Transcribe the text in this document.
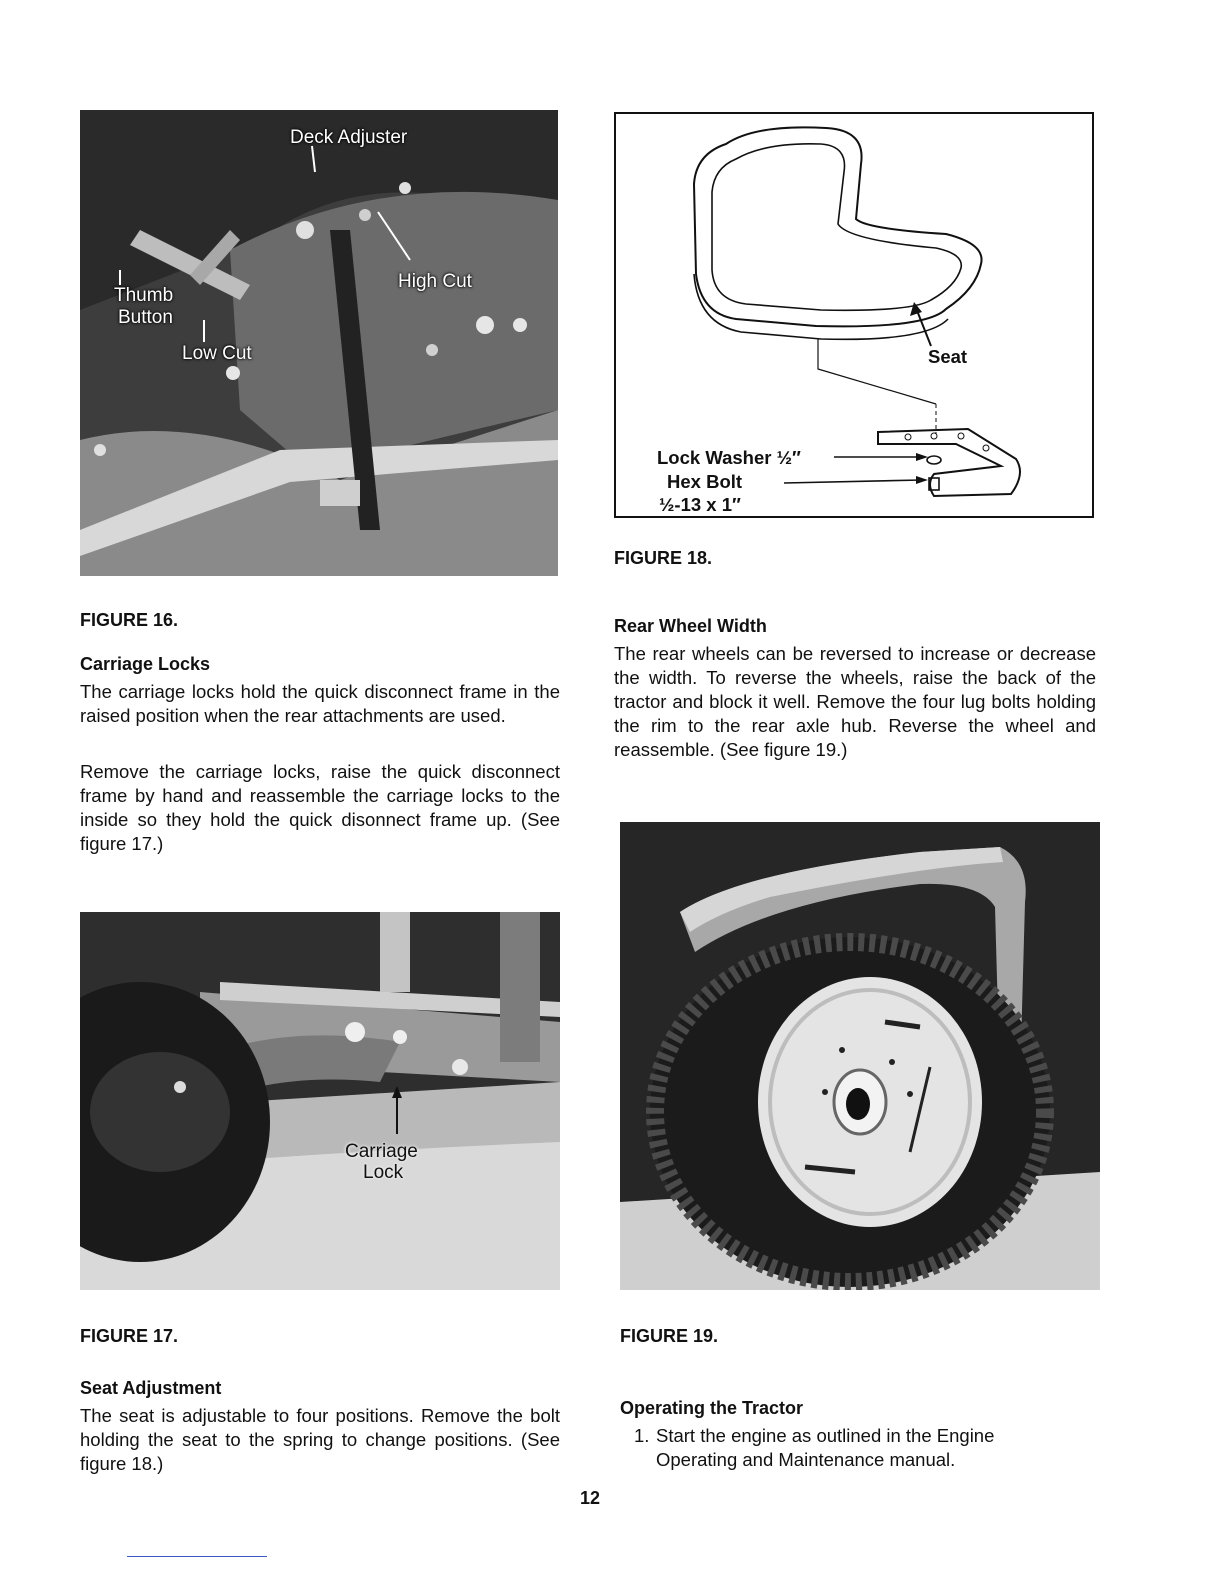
Deck Adjuster
High Cut
Thumb
Button
Low Cut
FIGURE 16.
Carriage Locks

The carriage locks hold the quick disconnect frame in the raised position when the rear attachments are used.

Remove the carriage locks, raise the quick disconnect frame by hand and reassemble the carriage locks to the inside so they hold the quick disonnect frame up. (See figure 17.)

Carriage
Lock
FIGURE 17.
Seat Adjustment

The seat is adjustable to four positions. Remove the bolt holding the seat to the spring to change positions. (See figure 18.)

Seat
Lock Washer ½″
Hex Bolt
½-13 x 1″
FIGURE 18.
Rear Wheel Width

The rear wheels can be reversed to increase or decrease the width. To reverse the wheels, raise the back of the tractor and block it well. Remove the four lug bolts holding the rim to the rear axle hub. Reverse the wheel and reassemble. (See figure 19.)

FIGURE 19.
Operating the Tractor
1. Start the engine as outlined in the Engine
Operating and Maintenance manual.
12
